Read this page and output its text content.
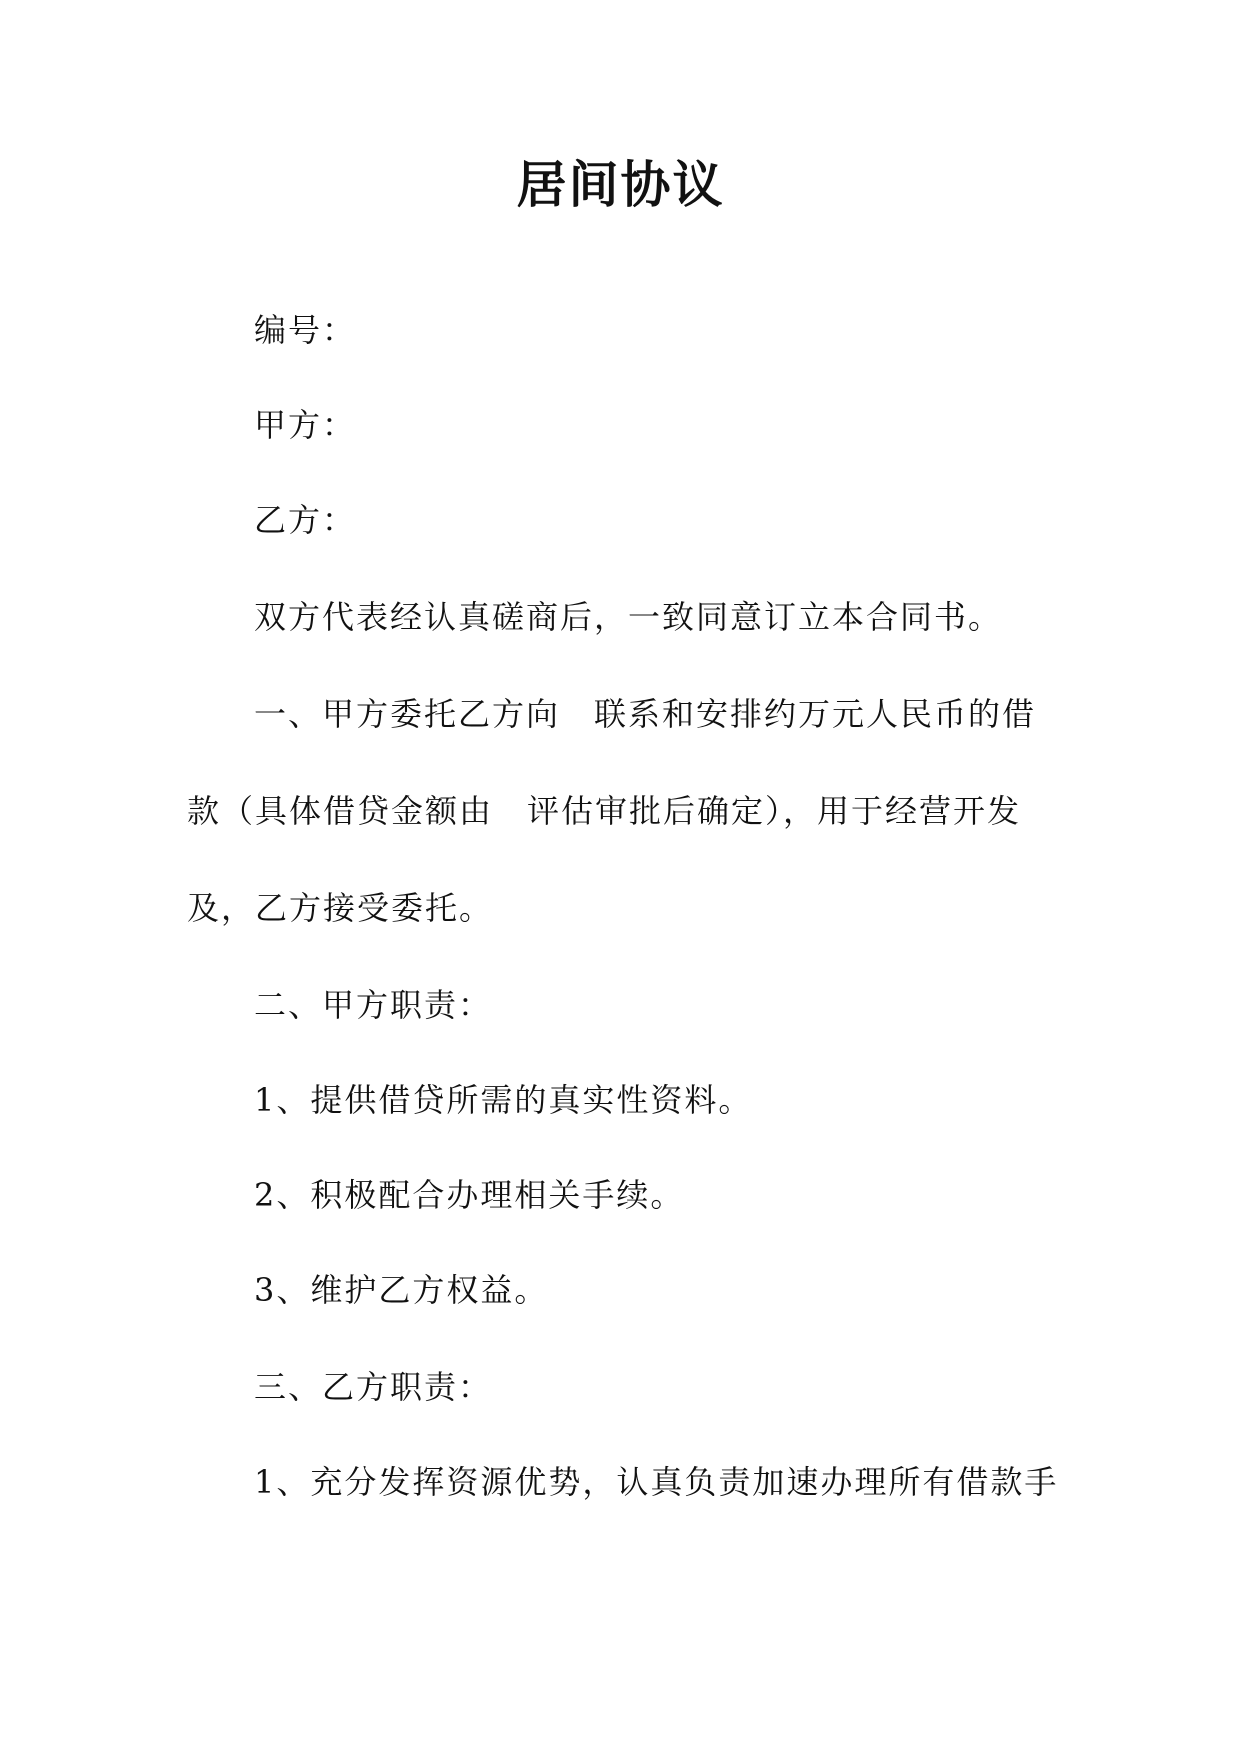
居间协议
编号：
甲方：
乙方：
双方代表经认真磋商后，一致同意订立本合同书。
一、甲方委托乙方向　联系和安排约万元人民币的借
款（具体借贷金额由　评估审批后确定），用于经营开发
及，乙方接受委托。
二、甲方职责：
1、提供借贷所需的真实性资料。
2、积极配合办理相关手续。
3、维护乙方权益。
三、乙方职责：
1、充分发挥资源优势，认真负责加速办理所有借款手
